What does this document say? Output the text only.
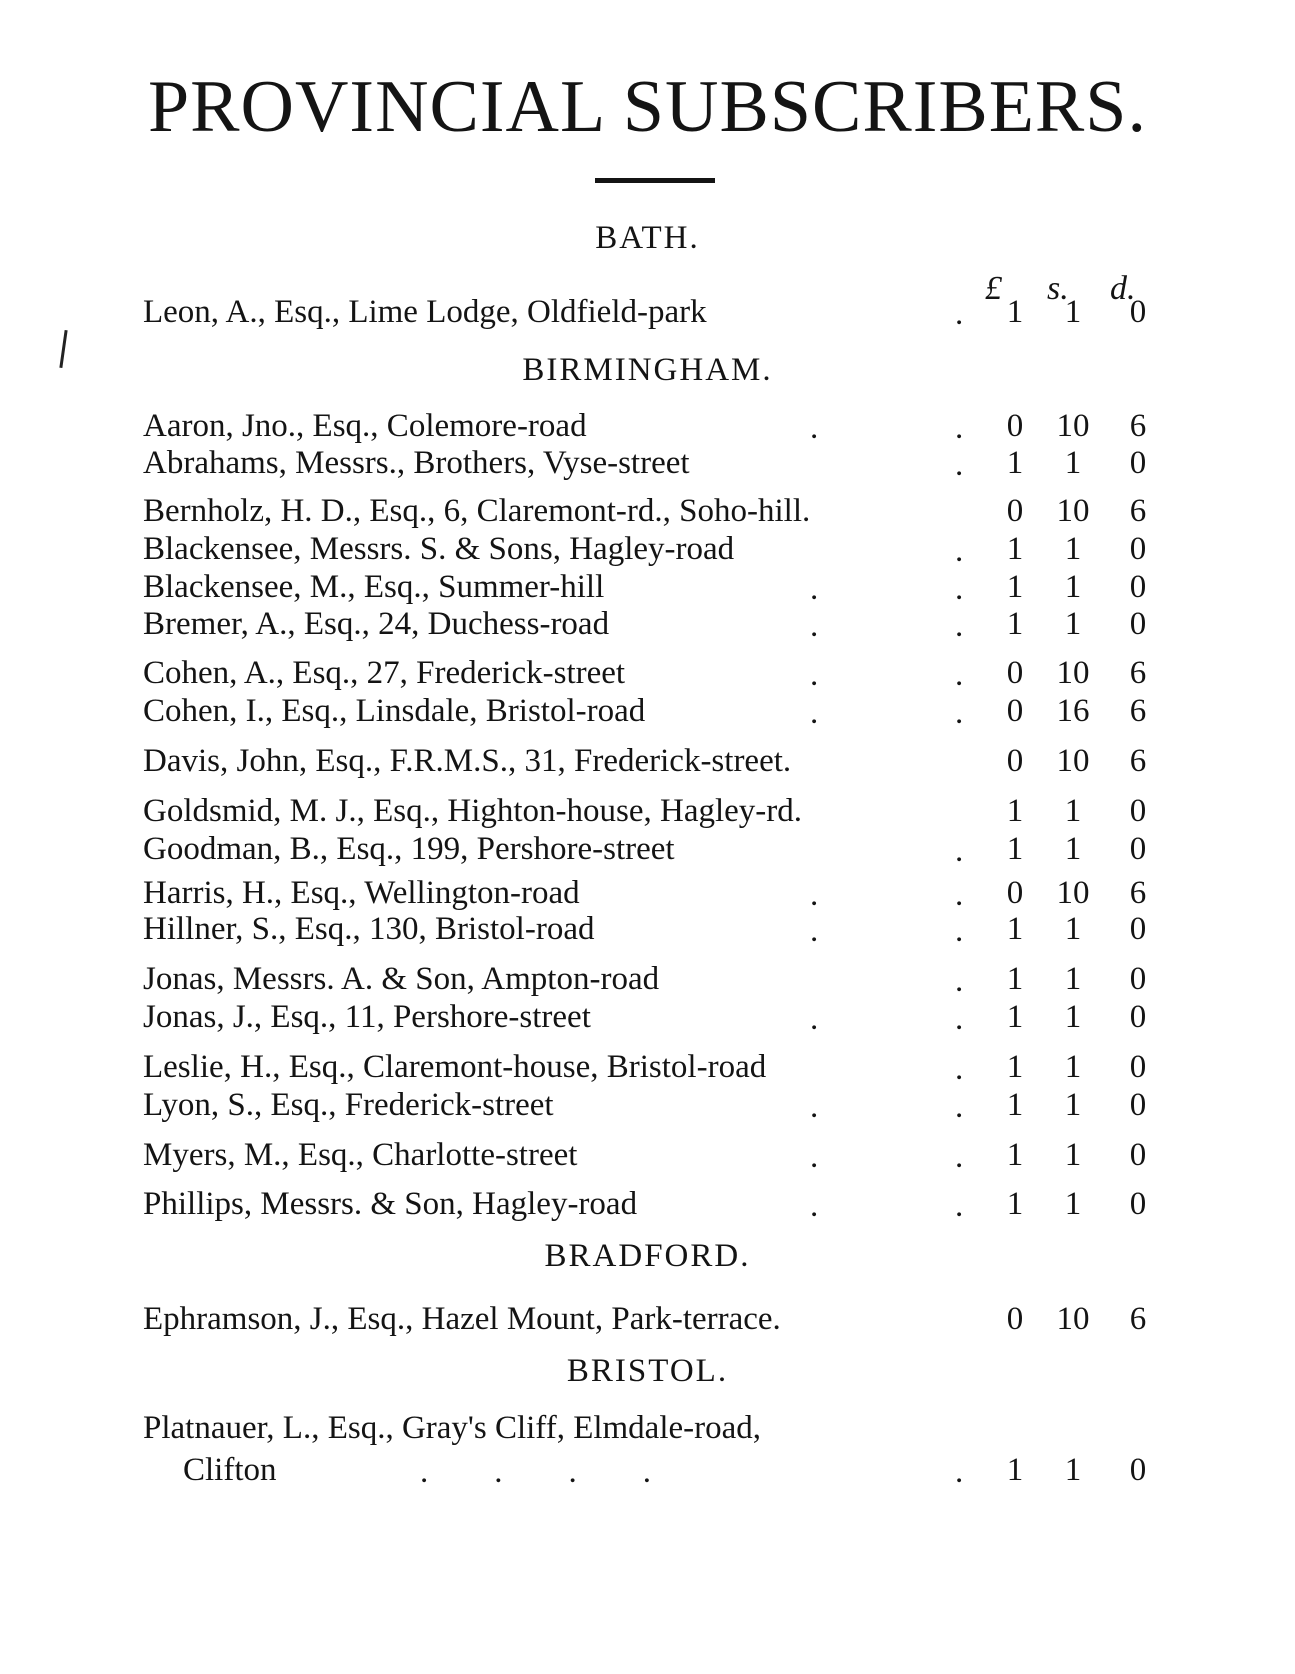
PROVINCIAL SUBSCRIBERS.
£ s. d.
BATH.
Leon, A., Esq., Lime Lodge, Oldfield-park	.	1	1	0
BIRMINGHAM.
Aaron, Jno., Esq., Colemore-road	.	.	0	10	6
Abrahams, Messrs., Brothers, Vyse-street	.	1	1	0
Bernholz, H. D., Esq., 6, Claremont-rd., Soho-hill.	0	10	6
Blackensee, Messrs. S. & Sons, Hagley-road	.	1	1	0
Blackensee, M., Esq., Summer-hill	.	.	1	1	0
Bremer, A., Esq., 24, Duchess-road	.	.	1	1	0
Cohen, A., Esq., 27, Frederick-street	.	.	0	10	6
Cohen, I., Esq., Linsdale, Bristol-road	.	.	0	16	6
Davis, John, Esq., F.R.M.S., 31, Frederick-street.	0	10	6
Goldsmid, M. J., Esq., Highton-house, Hagley-rd.	1	1	0
Goodman, B., Esq., 199, Pershore-street	.	1	1	0
Harris, H., Esq., Wellington-road	.	.	0	10	6
Hillner, S., Esq., 130, Bristol-road	.	.	1	1	0
Jonas, Messrs. A. & Son, Ampton-road	.	1	1	0
Jonas, J., Esq., 11, Pershore-street	.	.	1	1	0
Leslie, H., Esq., Claremont-house, Bristol-road	.	1	1	0
Lyon, S., Esq., Frederick-street	.	.	1	1	0
Myers, M., Esq., Charlotte-street	.	.	1	1	0
Phillips, Messrs. & Son, Hagley-road	.	.	1	1	0
BRADFORD.
Ephramson, J., Esq., Hazel Mount, Park-terrace.	0	10	6
BRISTOL.
Platnauer, L., Esq., Gray's Cliff, Elmdale-road,
Clifton	.        .        .        .	.	1	1	0
